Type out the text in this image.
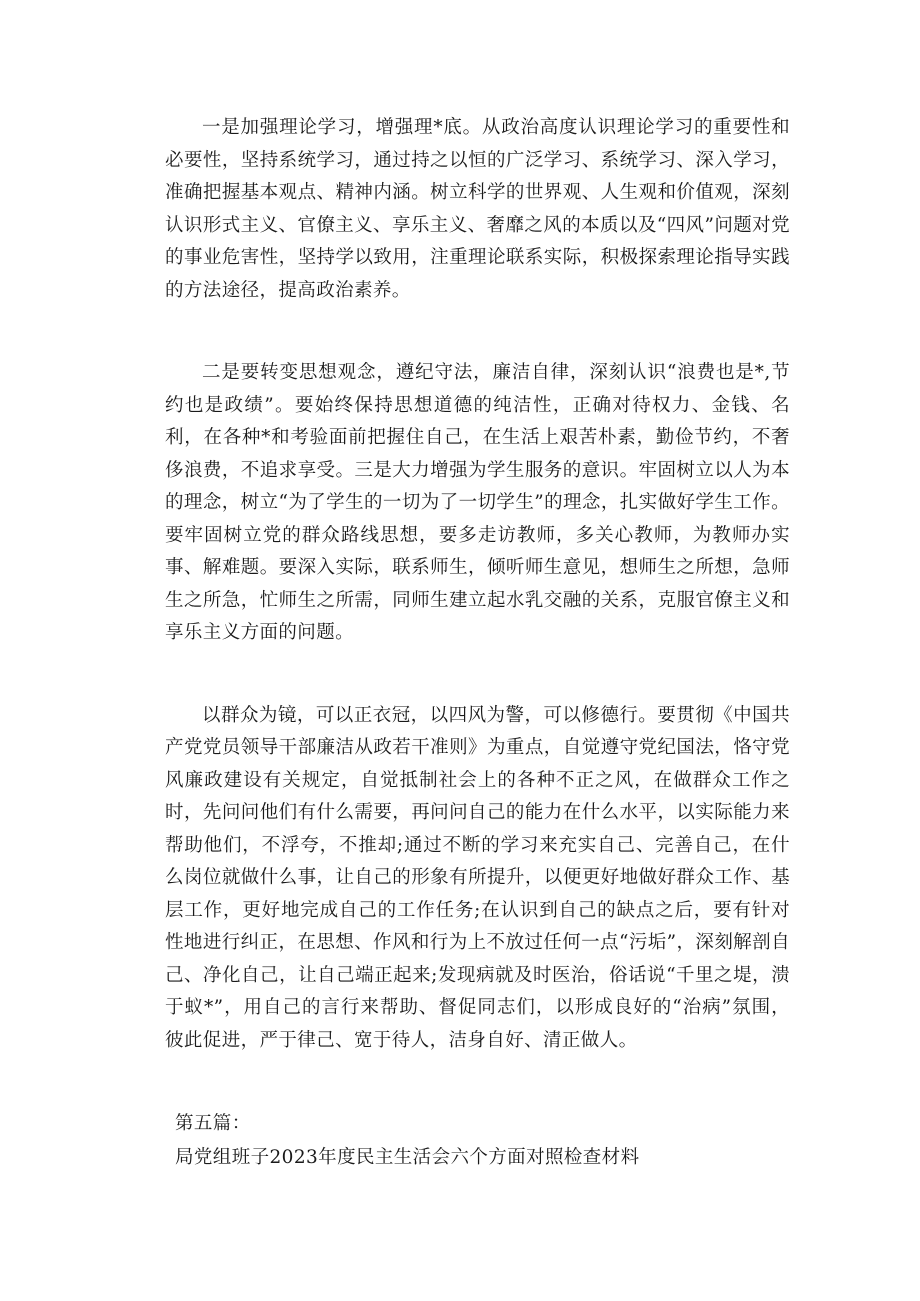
一是加强理论学习，增强理*底。从政治高度认识理论学习的重要性和必要性，坚持系统学习，通过持之以恒的广泛学习、系统学习、深入学习，准确把握基本观点、精神内涵。树立科学的世界观、人生观和价值观，深刻认识形式主义、官僚主义、享乐主义、奢靡之风的本质以及“四风”问题对党的事业危害性，坚持学以致用，注重理论联系实际，积极探索理论指导实践的方法途径，提高政治素养。

二是要转变思想观念，遵纪守法，廉洁自律，深刻认识“浪费也是*,节约也是政绩”。要始终保持思想道德的纯洁性，正确对待权力、金钱、名利，在各种*和考验面前把握住自己，在生活上艰苦朴素，勤俭节约，不奢侈浪费，不追求享受。三是大力增强为学生服务的意识。牢固树立以人为本的理念，树立“为了学生的一切为了一切学生”的理念，扎实做好学生工作。要牢固树立党的群众路线思想，要多走访教师，多关心教师，为教师办实事、解难题。要深入实际，联系师生，倾听师生意见，想师生之所想，急师生之所急，忙师生之所需，同师生建立起水乳交融的关系，克服官僚主义和享乐主义方面的问题。

以群众为镜，可以正衣冠，以四风为警，可以修德行。要贯彻《中国共产党党员领导干部廉洁从政若干准则》为重点，自觉遵守党纪国法，恪守党风廉政建设有关规定，自觉抵制社会上的各种不正之风，在做群众工作之时，先问问他们有什么需要，再问问自己的能力在什么水平，以实际能力来帮助他们，不浮夸，不推却;通过不断的学习来充实自己、完善自己，在什么岗位就做什么事，让自己的形象有所提升，以便更好地做好群众工作、基层工作，更好地完成自己的工作任务;在认识到自己的缺点之后，要有针对性地进行纠正，在思想、作风和行为上不放过任何一点“污垢”，深刻解剖自己、净化自己，让自己端正起来;发现病就及时医治，俗话说“千里之堤，溃于蚁*”，用自己的言行来帮助、督促同志们，以形成良好的“治病”氛围，彼此促进，严于律己、宽于待人，洁身自好、清正做人。

第五篇：

局党组班子2023年度民主生活会六个方面对照检查材料
